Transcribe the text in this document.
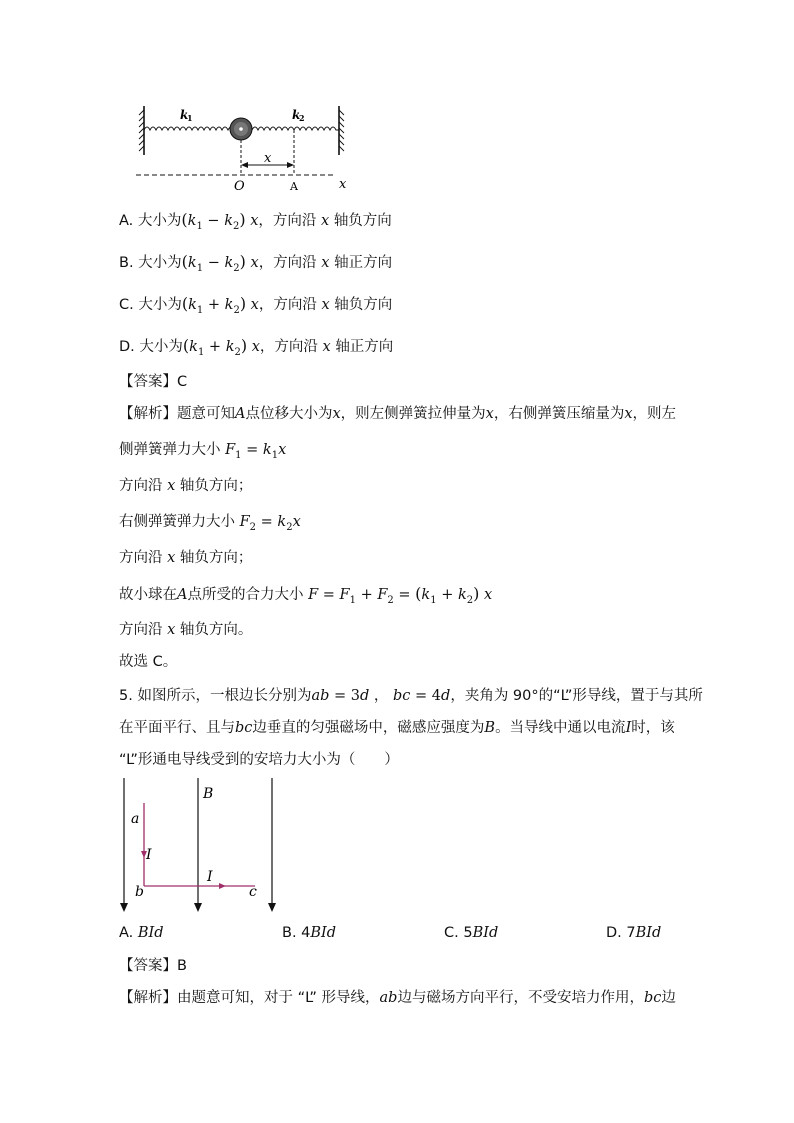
k
1	k
2
x
O	A	x
A. 大小为$(k_1 - k_2)$ x，方向沿 x 轴负方向
B. 大小为$(k_1 - k_2)$ x，方向沿 x 轴正方向
C. 大小为$(k_1 + k_2)$ x，方向沿 x 轴负方向
D. 大小为$(k_1 + k_2)$ x，方向沿 x 轴正方向
【答案】C
【解析】题意可知A点位移大小为x，则左侧弹簧拉伸量为x，右侧弹簧压缩量为x，则左
侧弹簧弹力大小 $F_1 = k_1x$
方向沿 x 轴负方向；
右侧弹簧弹力大小 $F_2 = k_2x$
方向沿 x 轴负方向；
故小球在A点所受的合力大小 $F = F_1 + F_2 = (k_1 + k_2)$ x
方向沿 x 轴负方向。
故选 C。
5. 如图所示，一根边长分别为ab = 3d ， bc = 4d，夹角为 90°的“L”形导线，置于与其所
在平面平行、且与bc边垂直的匀强磁场中，磁感应强度为B。当导线中通以电流I时，该
“L”形通电导线受到的安培力大小为（　　）
a
B
I
I
b	c
A. BId	B. 4BId	C. 5BId	D. 7BId
【答案】B
【解析】由题意可知，对于 “L” 形导线，ab边与磁场方向平行，不受安培力作用，bc边
